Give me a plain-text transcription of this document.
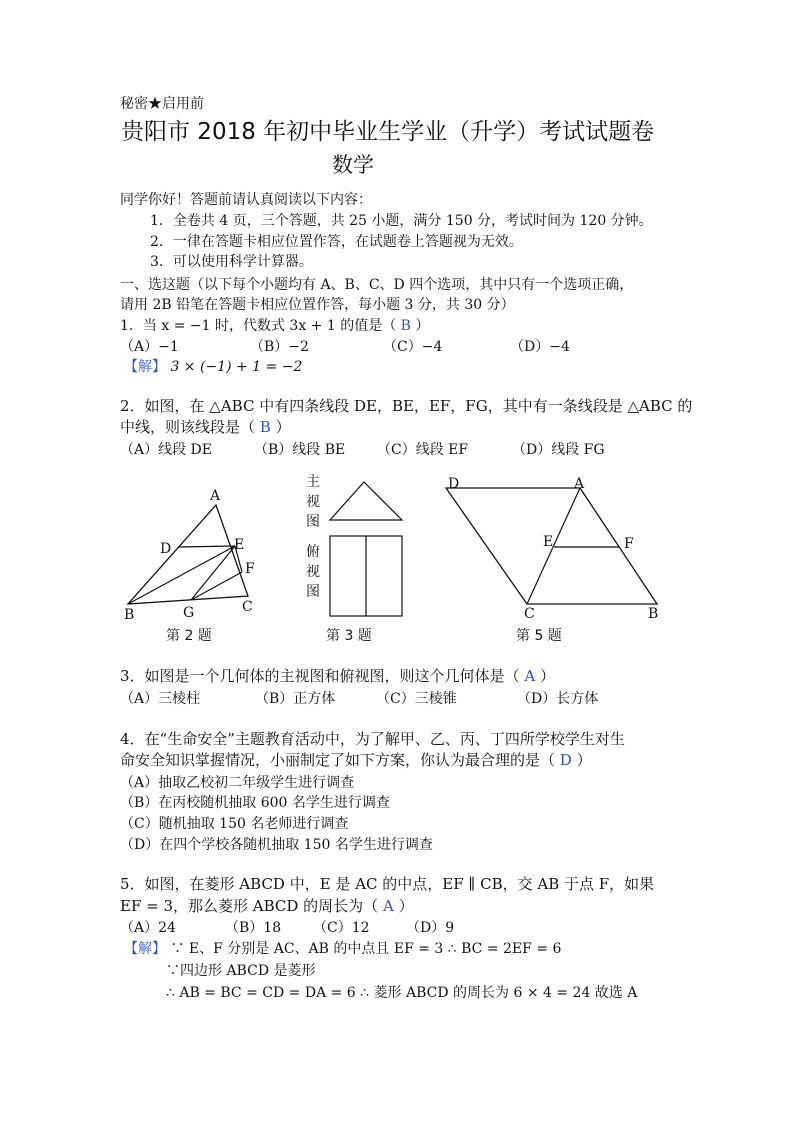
秘密★启用前
贵阳市 2018 年初中毕业生学业（升学）考试试题卷
数学
同学你好！答题前请认真阅读以下内容：
1．全卷共 4 页，三个答题，共 25 小题，满分 150 分，考试时间为 120 分钟。
2．一律在答题卡相应位置作答，在试题卷上答题视为无效。
3．可以使用科学计算器。
一、选这题（以下每个小题均有 A、B、C、D 四个选项，其中只有一个选项正确，
请用 2B 铅笔在答题卡相应位置作答，每小题 3 分，共 30 分）
1．当 x = −1 时，代数式 3x + 1 的值是（ B ）
（A）−1	（B）−2	（C）−4	（D）−4
【解】 3 × (−1) + 1 = −2
2．如图，在 △ABC 中有四条线段 DE，BE，EF，FG，其中有一条线段是 △ABC 的
中线，则该线段是（ B ）
（A）线段 DE	（B）线段 BE （C）线段 EF	（D）线段 FG
A
D	E
F
B	G	C
第 2 题
主
视
图
俯
视
图
第 3 题
D	A
E	F
C	B
第 5 题
3．如图是一个几何体的主视图和俯视图，则这个几何体是（ A ）
（A）三棱柱	（B）正方体	（C）三棱锥	（D）长方体
4．在“生命安全”主题教育活动中，为了解甲、乙、丙、丁四所学校学生对生
命安全知识掌握情况，小丽制定了如下方案，你认为最合理的是（ D ）
（A）抽取乙校初二年级学生进行调查
（B）在丙校随机抽取 600 名学生进行调查
（C）随机抽取 150 名老师进行调查
（D）在四个学校各随机抽取 150 名学生进行调查
5．如图，在菱形 ABCD 中，E 是 AC 的中点，EF ∥ CB，交 AB 于点 F，如果
EF = 3，那么菱形 ABCD 的周长为（ A ）
（A）24	（B）18 （C）12	（D）9
【解】 ∵ E、F 分别是 AC、AB 的中点且 EF = 3 ∴ BC = 2EF = 6
∵四边形 ABCD 是菱形
∴ AB = BC = CD = DA = 6 ∴ 菱形 ABCD 的周长为 6 × 4 = 24 故选 A
